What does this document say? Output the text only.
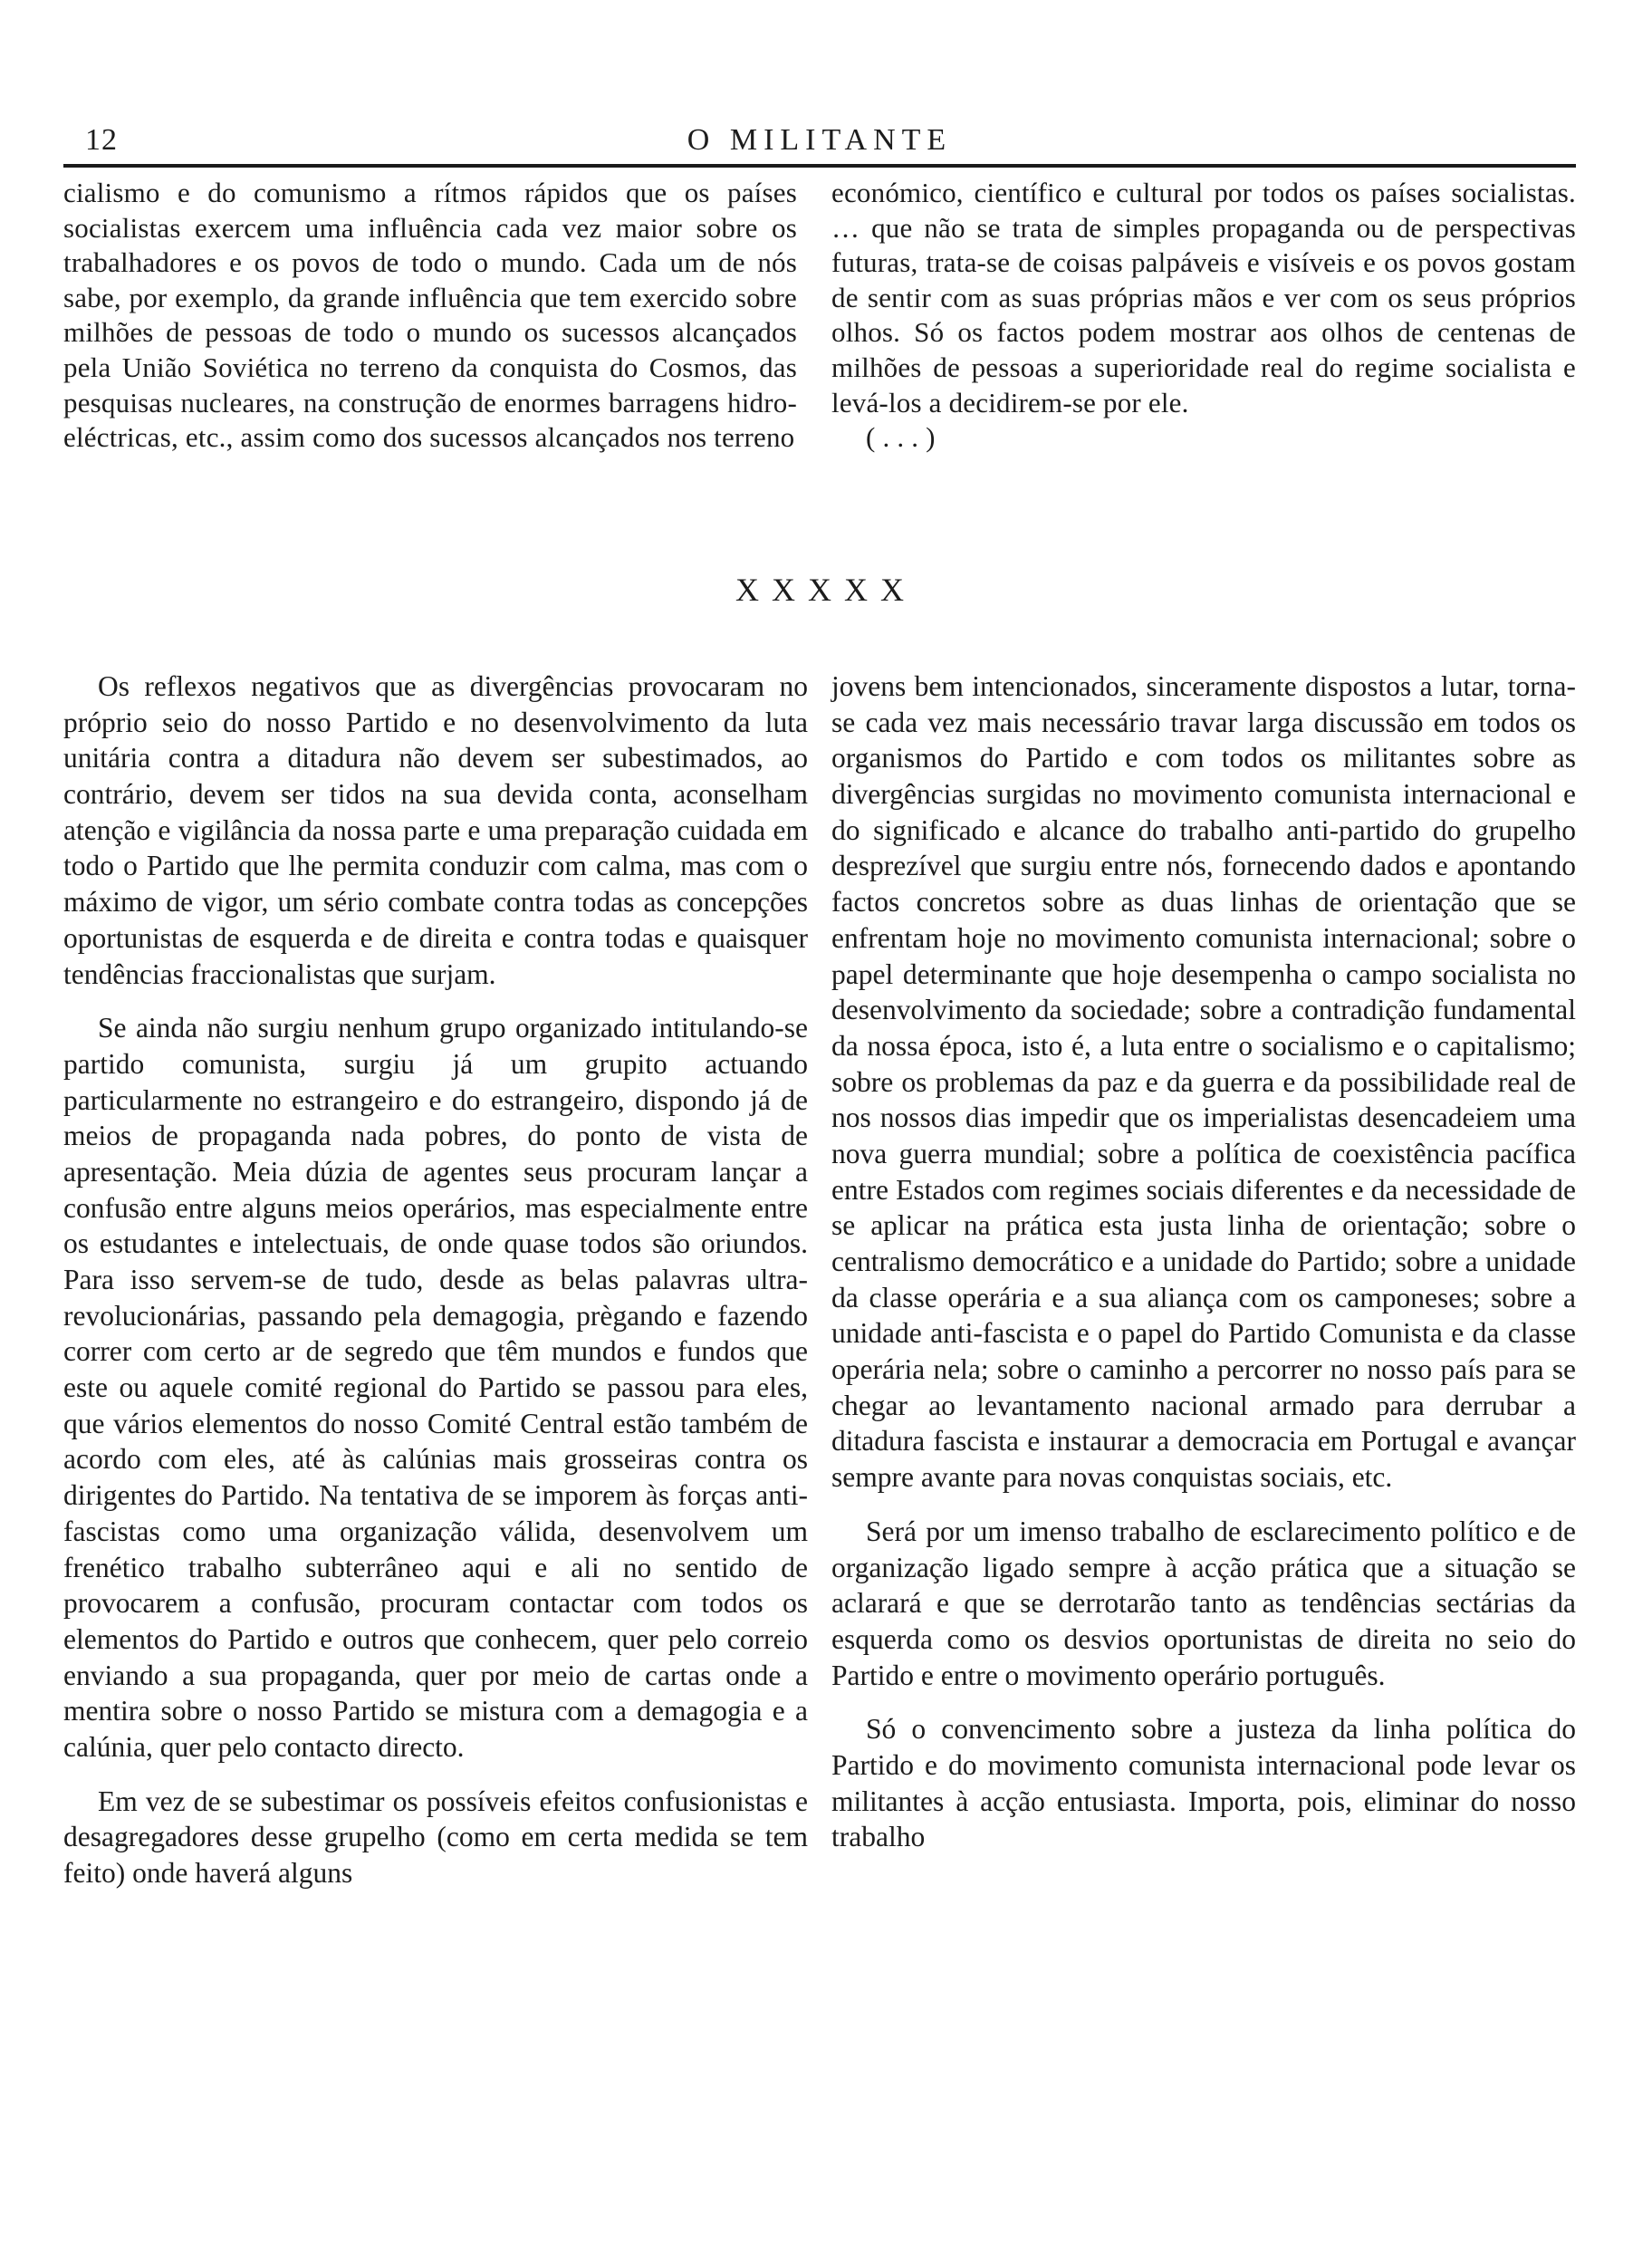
12	O MILITANTE

cialismo e do comunismo a rítmos rápidos que os países socialistas exercem uma influência cada vez maior sobre os trabalhadores e os povos de todo o mundo. Cada um de nós sabe, por exemplo, da grande influência que tem exercido sobre milhões de pessoas de todo o mundo os sucessos alcançados pela União Soviética no terreno da conquista do Cosmos, das pesquisas nucleares, na construção de enormes barragens hidro-eléctricas, etc., assim como dos sucessos alcançados nos terreno

económico, científico e cultural por todos os países socialistas. … que não se trata de simples propaganda ou de perspectivas futuras, trata-se de coisas palpáveis e visíveis e os povos gostam de sentir com as suas próprias mãos e ver com os seus próprios olhos. Só os factos podem mostrar aos olhos de centenas de milhões de pessoas a superioridade real do regime socialista e levá-los a decidirem-se por ele.

( . . . )

XXXXX

Os reflexos negativos que as divergências provocaram no próprio seio do nosso Partido e no desenvolvimento da luta unitária contra a ditadura não devem ser subestimados, ao contrário, devem ser tidos na sua devida conta, aconselham atenção e vigilância da nossa parte e uma preparação cuidada em todo o Partido que lhe permita conduzir com calma, mas com o máximo de vigor, um sério combate contra todas as concepções oportunistas de esquerda e de direita e contra todas e quaisquer tendências fraccionalistas que surjam.

Se ainda não surgiu nenhum grupo organizado intitulando-se partido comunista, surgiu já um grupito actuando particularmente no estrangeiro e do estrangeiro, dispondo já de meios de propaganda nada pobres, do ponto de vista de apresentação. Meia dúzia de agentes seus procuram lançar a confusão entre alguns meios operários, mas especialmente entre os estudantes e intelectuais, de onde quase todos são oriundos. Para isso servem-se de tudo, desde as belas palavras ultra-revolucionárias, passando pela demagogia, prègando e fazendo correr com certo ar de segredo que têm mundos e fundos que este ou aquele comité regional do Partido se passou para eles, que vários elementos do nosso Comité Central estão também de acordo com eles, até às calúnias mais grosseiras contra os dirigentes do Partido. Na tentativa de se imporem às forças anti-fascistas como uma organização válida, desenvolvem um frenético trabalho subterrâneo aqui e ali no sentido de provocarem a confusão, procuram contactar com todos os elementos do Partido e outros que conhecem, quer pelo correio enviando a sua propaganda, quer por meio de cartas onde a mentira sobre o nosso Partido se mistura com a demagogia e a calúnia, quer pelo contacto directo.

Em vez de se subestimar os possíveis efeitos confusionistas e desagregadores desse grupelho (como em certa medida se tem feito) onde haverá alguns

jovens bem intencionados, sinceramente dispostos a lutar, torna-se cada vez mais necessário travar larga discussão em todos os organismos do Partido e com todos os militantes sobre as divergências surgidas no movimento comunista internacional e do significado e alcance do trabalho anti-partido do grupelho desprezível que surgiu entre nós, fornecendo dados e apontando factos concretos sobre as duas linhas de orientação que se enfrentam hoje no movimento comunista internacional; sobre o papel determinante que hoje desempenha o campo socialista no desenvolvimento da sociedade; sobre a contradição fundamental da nossa época, isto é, a luta entre o socialismo e o capitalismo; sobre os problemas da paz e da guerra e da possibilidade real de nos nossos dias impedir que os imperialistas desencadeiem uma nova guerra mundial; sobre a política de coexistência pacífica entre Estados com regimes sociais diferentes e da necessidade de se aplicar na prática esta justa linha de orientação; sobre o centralismo democrático e a unidade do Partido; sobre a unidade da classe operária e a sua aliança com os camponeses; sobre a unidade anti-fascista e o papel do Partido Comunista e da classe operária nela; sobre o caminho a percorrer no nosso país para se chegar ao levantamento nacional armado para derrubar a ditadura fascista e instaurar a democracia em Portugal e avançar sempre avante para novas conquistas sociais, etc.

Será por um imenso trabalho de esclarecimento político e de organização ligado sempre à acção prática que a situação se aclarará e que se derrotarão tanto as tendências sectárias da esquerda como os desvios oportunistas de direita no seio do Partido e entre o movimento operário português.

Só o convencimento sobre a justeza da linha política do Partido e do movimento comunista internacional pode levar os militantes à acção entusiasta. Importa, pois, eliminar do nosso trabalho
